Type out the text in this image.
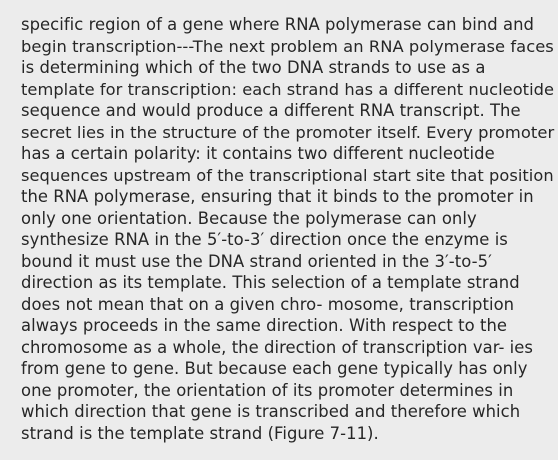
specific region of a gene where RNA polymerase can bind and
begin transcription---The next problem an RNA polymerase faces
is determining which of the two DNA strands to use as a
template for transcription: each strand has a different nucleotide
sequence and would produce a different RNA transcript. The
secret lies in the structure of the promoter itself. Every promoter
has a certain polarity: it contains two different nucleotide
sequences upstream of the transcriptional start site that position
the RNA polymerase, ensuring that it binds to the promoter in
only one orientation. Because the polymerase can only
synthesize RNA in the 5′-to-3′ direction once the enzyme is
bound it must use the DNA strand oriented in the 3′-to-5′
direction as its template. This selection of a template strand
does not mean that on a given chro- mosome, transcription
always proceeds in the same direction. With respect to the
chromosome as a whole, the direction of transcription var- ies
from gene to gene. But because each gene typically has only
one promoter, the orientation of its promoter determines in
which direction that gene is transcribed and therefore which
strand is the template strand (Figure 7-11).
